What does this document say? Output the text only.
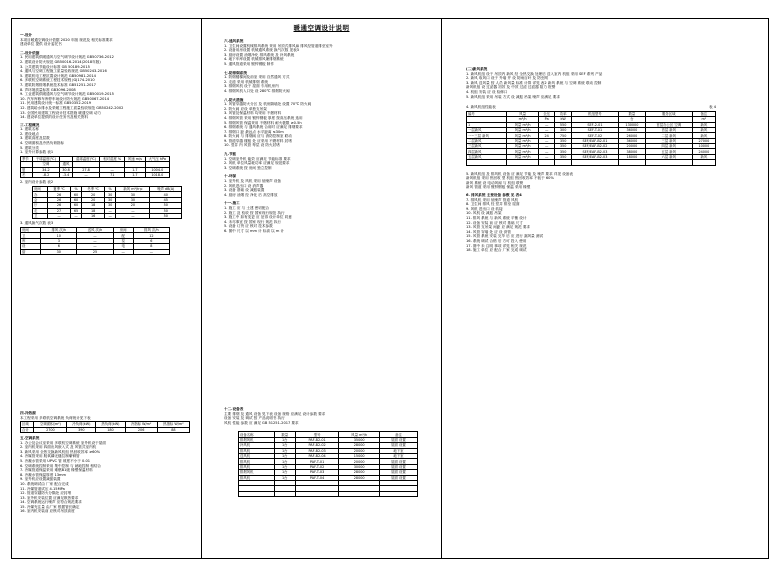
一.设计
本项目暖通空调设计依据 2020 年版 规范及 相关标准要求
建设单位 提供 设计委托书
二.设计依据
1. 民用建筑供暖通风与空气调节设计规范 GB50736-2012
2. 建筑设计防火规范 GB50016-2014(2018年版)
3. 公共建筑节能设计标准 GB 50189-2015
4. 通风与空调工程施工质量验收规范 GB50243-2016
5. 建筑机电工程抗震设计规范 GB50981-2014
6. 多联机空调系统工程技术规程 JGJ174-2010
7. 建筑防烟排烟系统技术标准 GB51251-2017
8. 声环境质量标准 GB3096-2008
9. 工业建筑供暖通风与空气调节设计规范 GB50019-2015
10. 汽车库修车库停车场设计防火规范 GB50067-2014
11. 民用建筑设计统一标准 GB50352-2019
12. 建筑给水排水及采暖工程施工质量验收规范 GB50242-2002
13. 全国民用建筑工程设计技术措施 暖通空调 动力
14. 建设单位提供的设计任务书及相关资料
三.工程概况
1. 建筑名称
2. 建设地点
3. 建筑高度及层数
4. 空调面积及冷热负荷指标
5. 建筑分类
1. 室外计算参数 表1
季节	干球温度(℃)		湿球温度(℃)	相对湿度 %	风速 m/s	大气压 hPa
	空调	通风				
夏	34.2	30.8	27.8	—	1.7	1004.0
冬	-8.2	-3.4	—	71	1.7	1018.0
2. 室内设计参数 表2
房间	夏季 ℃	%	冬季 ℃	%	新风 m³/h·p	噪声 dB(A)
办	26	60	20	30	30	40
会	26	60	20	30	30	45
厅	26	60	18	30	20	50
走	27	65	18	—	—	50
卫	—	—	16	—	—	50
3. 通风换气次数 表3
房间	排风 次/h	送风 次/h	房间	排风 次/h
卫	10	—	配	12
库	3	—	泵	6
设	6	—	电	8
厨	30	25	—	—
四.冷热源
本工程采用 多联机空调系统 负荷统计见下表
区域	空调面积(m²)	冷负荷(kW)	热负荷(kW)	冷指标 W/m²	热指标 W/m²
合计	2700	390	180	206	88
五.空调系统
1. 办公及会议室采用 多联机空调系统 室外机设于屋面
2. 室内机采用 四面出风嵌入式 及 风管式室内机
3. 新风采用 全热交换新风机组 热回收效率 ≥60%
4. 冷媒管采用 脱氧磷无缝拉制紫铜管
5. 冷凝水管采用 UPVC 管 坡度不小于 0.01
6. 空调系统控制采用 集中控制 与 就地控制 相结合
7. 冷媒管道保温采用 难燃B1级 橡塑保温材料
8. 冷凝水管保温厚度 13mm
9. 室外机应设置减振装置
10. 系统调试由 厂家 配合完成
11. 冷媒管道试压 4.15MPa
12. 管道穿越防火分隔处 应封堵
13. 室外机安装位置 应满足散热要求
14. 空调系统运行噪声 应符合规范要求
15. 冷媒充注量 由厂家 根据管长确定
16. 室内机安装前 应核对吊顶高度
暖通空调设计说明
六.通风系统
1. 卫生间设置机械排风系统 采用 吊顶式排风扇 排风经管道排至室外
2. 设备用房设置 机械通风系统 换气次数 见表3
3. 厨房设置 油烟净化 排风系统 及 补风系统
4. 地下车库设置 机械排风兼排烟系统
5. 通风管道采用 镀锌钢板 制作
七.防排烟系统
1. 防烟楼梯间及前室 采用 自然通风 方式
2. 走道 采用 机械排烟 系统
3. 排烟风机 设于 屋面 专用机房内
4. 排烟风机入口处 设 280℃ 排烟防火阀
八.防火措施
1. 风管穿越防火分区 及 机房隔墙处 设置 70℃ 防火阀
2. 防火阀 应设 单独支吊架
3. 风管及保温材料 均采用 不燃材料
4. 排烟风管 采用 镀锌钢板 厚度 按高压系统 选用
5. 排烟风管 保温采用 不燃材料 耐火极限 ≥0.5h
6. 排烟系统 与 通风系统 合用时 应满足 排烟要求
7. 排烟口 距 最远点 水平距离 ≤30m
8. 防火阀 与 排烟阀 应与 消防控制室 联动
9. 管道穿越 楼板 处 应采用 不燃材料 封堵
10. 竖井 内 风管 每层 设 防火封堵
九.节能
1. 空调室外机 能效 应满足 节能标准 要求
2. 风机 单位风量耗功率 应满足 规范要求
3. 空调系统 按 房间 独立控制
十.环保
1. 室外机 及 风机 采用 低噪声 设备
2. 风机进出口 设 消声器
3. 设备 基础 设 减振装置
4. 厨房 油烟 经 净化 后 高空排放
十一.施工
1. 施工 应 与 土建 密切配合
2. 施工 及 验收 按 国家现行规范 执行
3. 施工中 如有变更 应 征得 设计单位 同意
4. 未尽事宜 按 国家 现行 规范 执行
5. 设备 订货 应 核对 技术参数
6. 图中 尺寸 以 mm 计 标高 以 m 计
十二.设备表
主要 排烟 及 通风 设备 见下表 设备 规格 应满足 设计参数 要求
设备 安装 及 调试 按 产品说明书 执行
风机 性能 参数 应 满足 GB 51251-2017 要求
设备名称	数量	型号	风量 m³/h	备注
排烟风机	1台	PAF-B2-01	35000	屋面 设置
补风机	1台	PAF-B2-02	28000	屋面 设置
排风机	1台	PAF-B2-03	20000	地下室
送风机	1台	PAF-B2-04	15000	地下室
排风机	1台	PAF-T-01	20000	屋面 设置
排风机	1台	PAF-T-02	30000	屋面 设置
排烟风机	1台	PAF-T-03	28000	屋面 设置
排风机	1台	PAF-T-04	28000	屋面 设置

(二)新风系统
1. 新风机组 设于 吊顶内 新风 经 全热交换 处理后 送入室内 机组 采用 SEF 系列 产品
2. 新风 取风口 设于 外墙 并 设 防雨百叶 及 防虫网
3. 新风 送风量 按 人员 新风量 标准 计算 详见 表2 新风 系统 与 空调 系统 联动 控制
新风机组 设 过滤器 初效 及 中效 过滤 过滤器 阻力 报警
4. 机组 安装 应 设 检修口
5. 新风机组 采用 吊装 方式 设 减振 吊架 噪声 应满足 要求
4. 新风机组性能表	表 4
编号	风量	全压	功率	机组型号	数量	服务区域	备注
	m³/h	Pa	kW		台		m²
1	风量 m³/h	—	550	SEF-2-01	130000	首层办公区 空调	新风
一层新风	风量 m³/h	—	300	SEF-T-01	36000	首层 新风	新风
一~三层 新风	风量 m³/h	24	750	SEF-T-02	26000	二层 新风	新风
二层新风	风量 m³/h	—	350	SEF/EAF-B2-01	36000	三层 新风	27000
三层新风	风量 m³/h	—	350	SEF/EAF-B2-02	20000	四层 新风	10000
四层新风	风量 m³/h	—	350	SEF/EAF-B2-03	38000	五层 新风	24000
五层新风	风量 m³/h	—	350	SEF/EAF-B2-03	18000	六层 新风	新风

5. 新风机组 及 排风机 设备 应 满足 节能 及 噪声 要求 详见 设备表
新风机组 采用 热回收 型 机组 热回收效率 不低于 60%
新风 系统 设 电动风阀 与 机组 联锁
新风 管道 采用 镀锌钢板 保温 采用 橡塑
6. 排风系统 主要设备 参数 见 表4
7. 排风机 采用 低噪声 管道 风机
8. 卫生间 排风 经 竖井 排至 屋面
9. 风机 进出口 设 软接
10. 风机 设 减振 吊架
11. 排风 系统 与 新风 系统 平衡 设计
12. 设备 安装 前 应 核对 基础 尺寸
13. 风管 支吊架 间距 应 满足 规范 要求
14. 风管 穿墙 处 应 设 套管
15. 风管 系统 安装 完毕 后 应 进行 漏风量 测试
16. 系统 调试 合格 后 方可 投入 使用
17. 图中 未 注明 事项 详见 相关 规范
18. 施工 单位 应 配合 厂家 完成 调试
